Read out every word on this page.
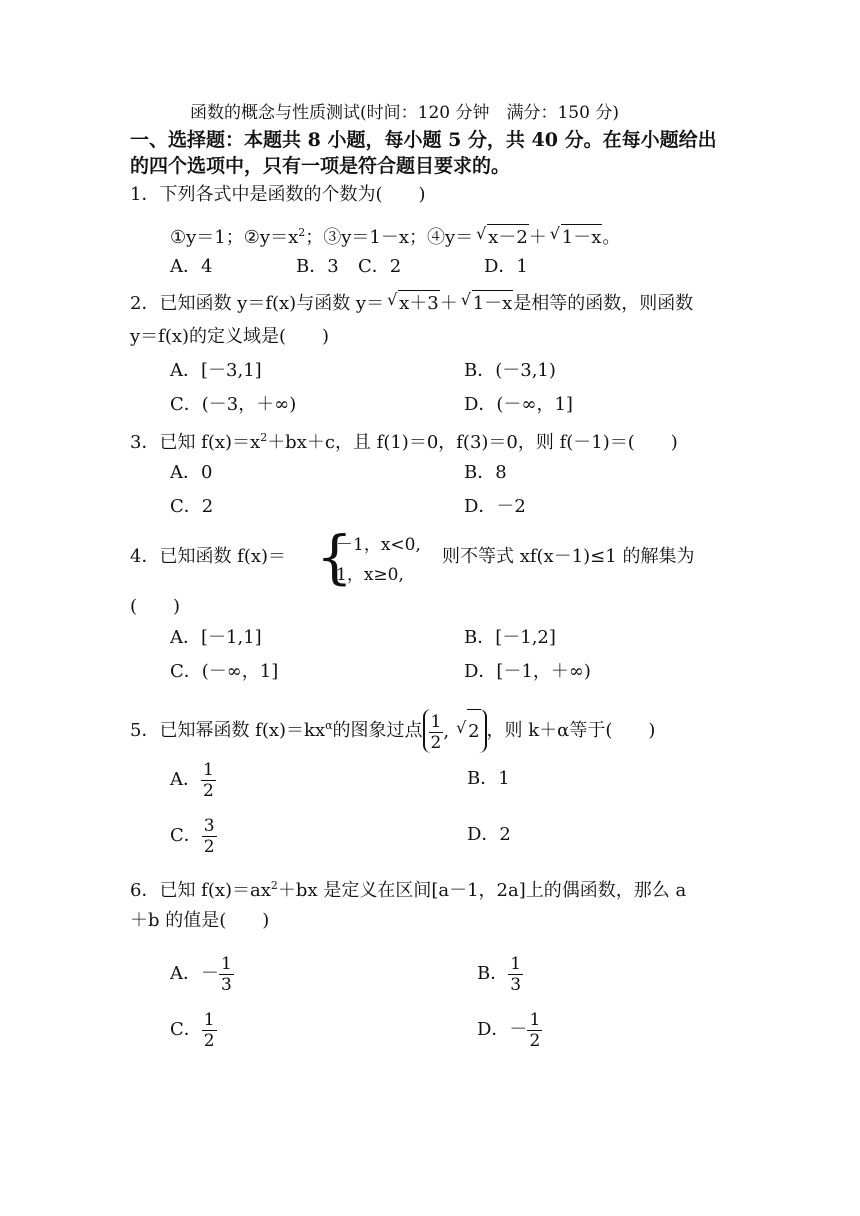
函数的概念与性质测试(时间：120 分钟　满分：150 分)
一、选择题：本题共 8 小题，每小题 5 分，共 40 分。在每小题给出
的四个选项中，只有一项是符合题目要求的。
1．下列各式中是函数的个数为(　　)
①y＝1；$②y=x^2$；③y＝1－x；④y＝ √ x－2＋ √ 1－x。
A．4	B．3 C．2	D．1
2．已知函数 y＝f(x)与函数 y＝ √ x＋3＋ √ 1－x是相等的函数，则函数
y＝f(x)的定义域是(　　)
A．[－3,1]	B．(－3,1)
C．(－3，＋∞)	D．(－∞，1]
3．已知 $f(x)=x^2+bx+c$，且 f(1)＝0，f(3)＝0，则 f(－1)＝(　　)
A．0	B．8
C．2	D．－2
4．已知函数 f(x)＝ {
－1，x<0,
1，x≥0,
则不等式 xf(x－1)≤1 的解集为
(　　)
A．[－1,1]	B．[－1,2]
C．(－∞，1]	D．[－1，＋∞)
5．已知幂函数 $f(x)=kx^\alpha$的图象过点 $\frac{1}{2}$ , √ 2 ，则 k＋α等于(　　)
A． $\frac{1}{2}$	B．1
C． $\frac{3}{2}$	D．2
6．已知 $f(x)=ax^2+bx$ 是定义在区间[a－1，2a]上的偶函数，那么 a
＋b 的值是(　　)
A．－ $\frac{1}{3}$	B． $\frac{1}{3}$
C． $\frac{1}{2}$	D．－ $\frac{1}{2}$
